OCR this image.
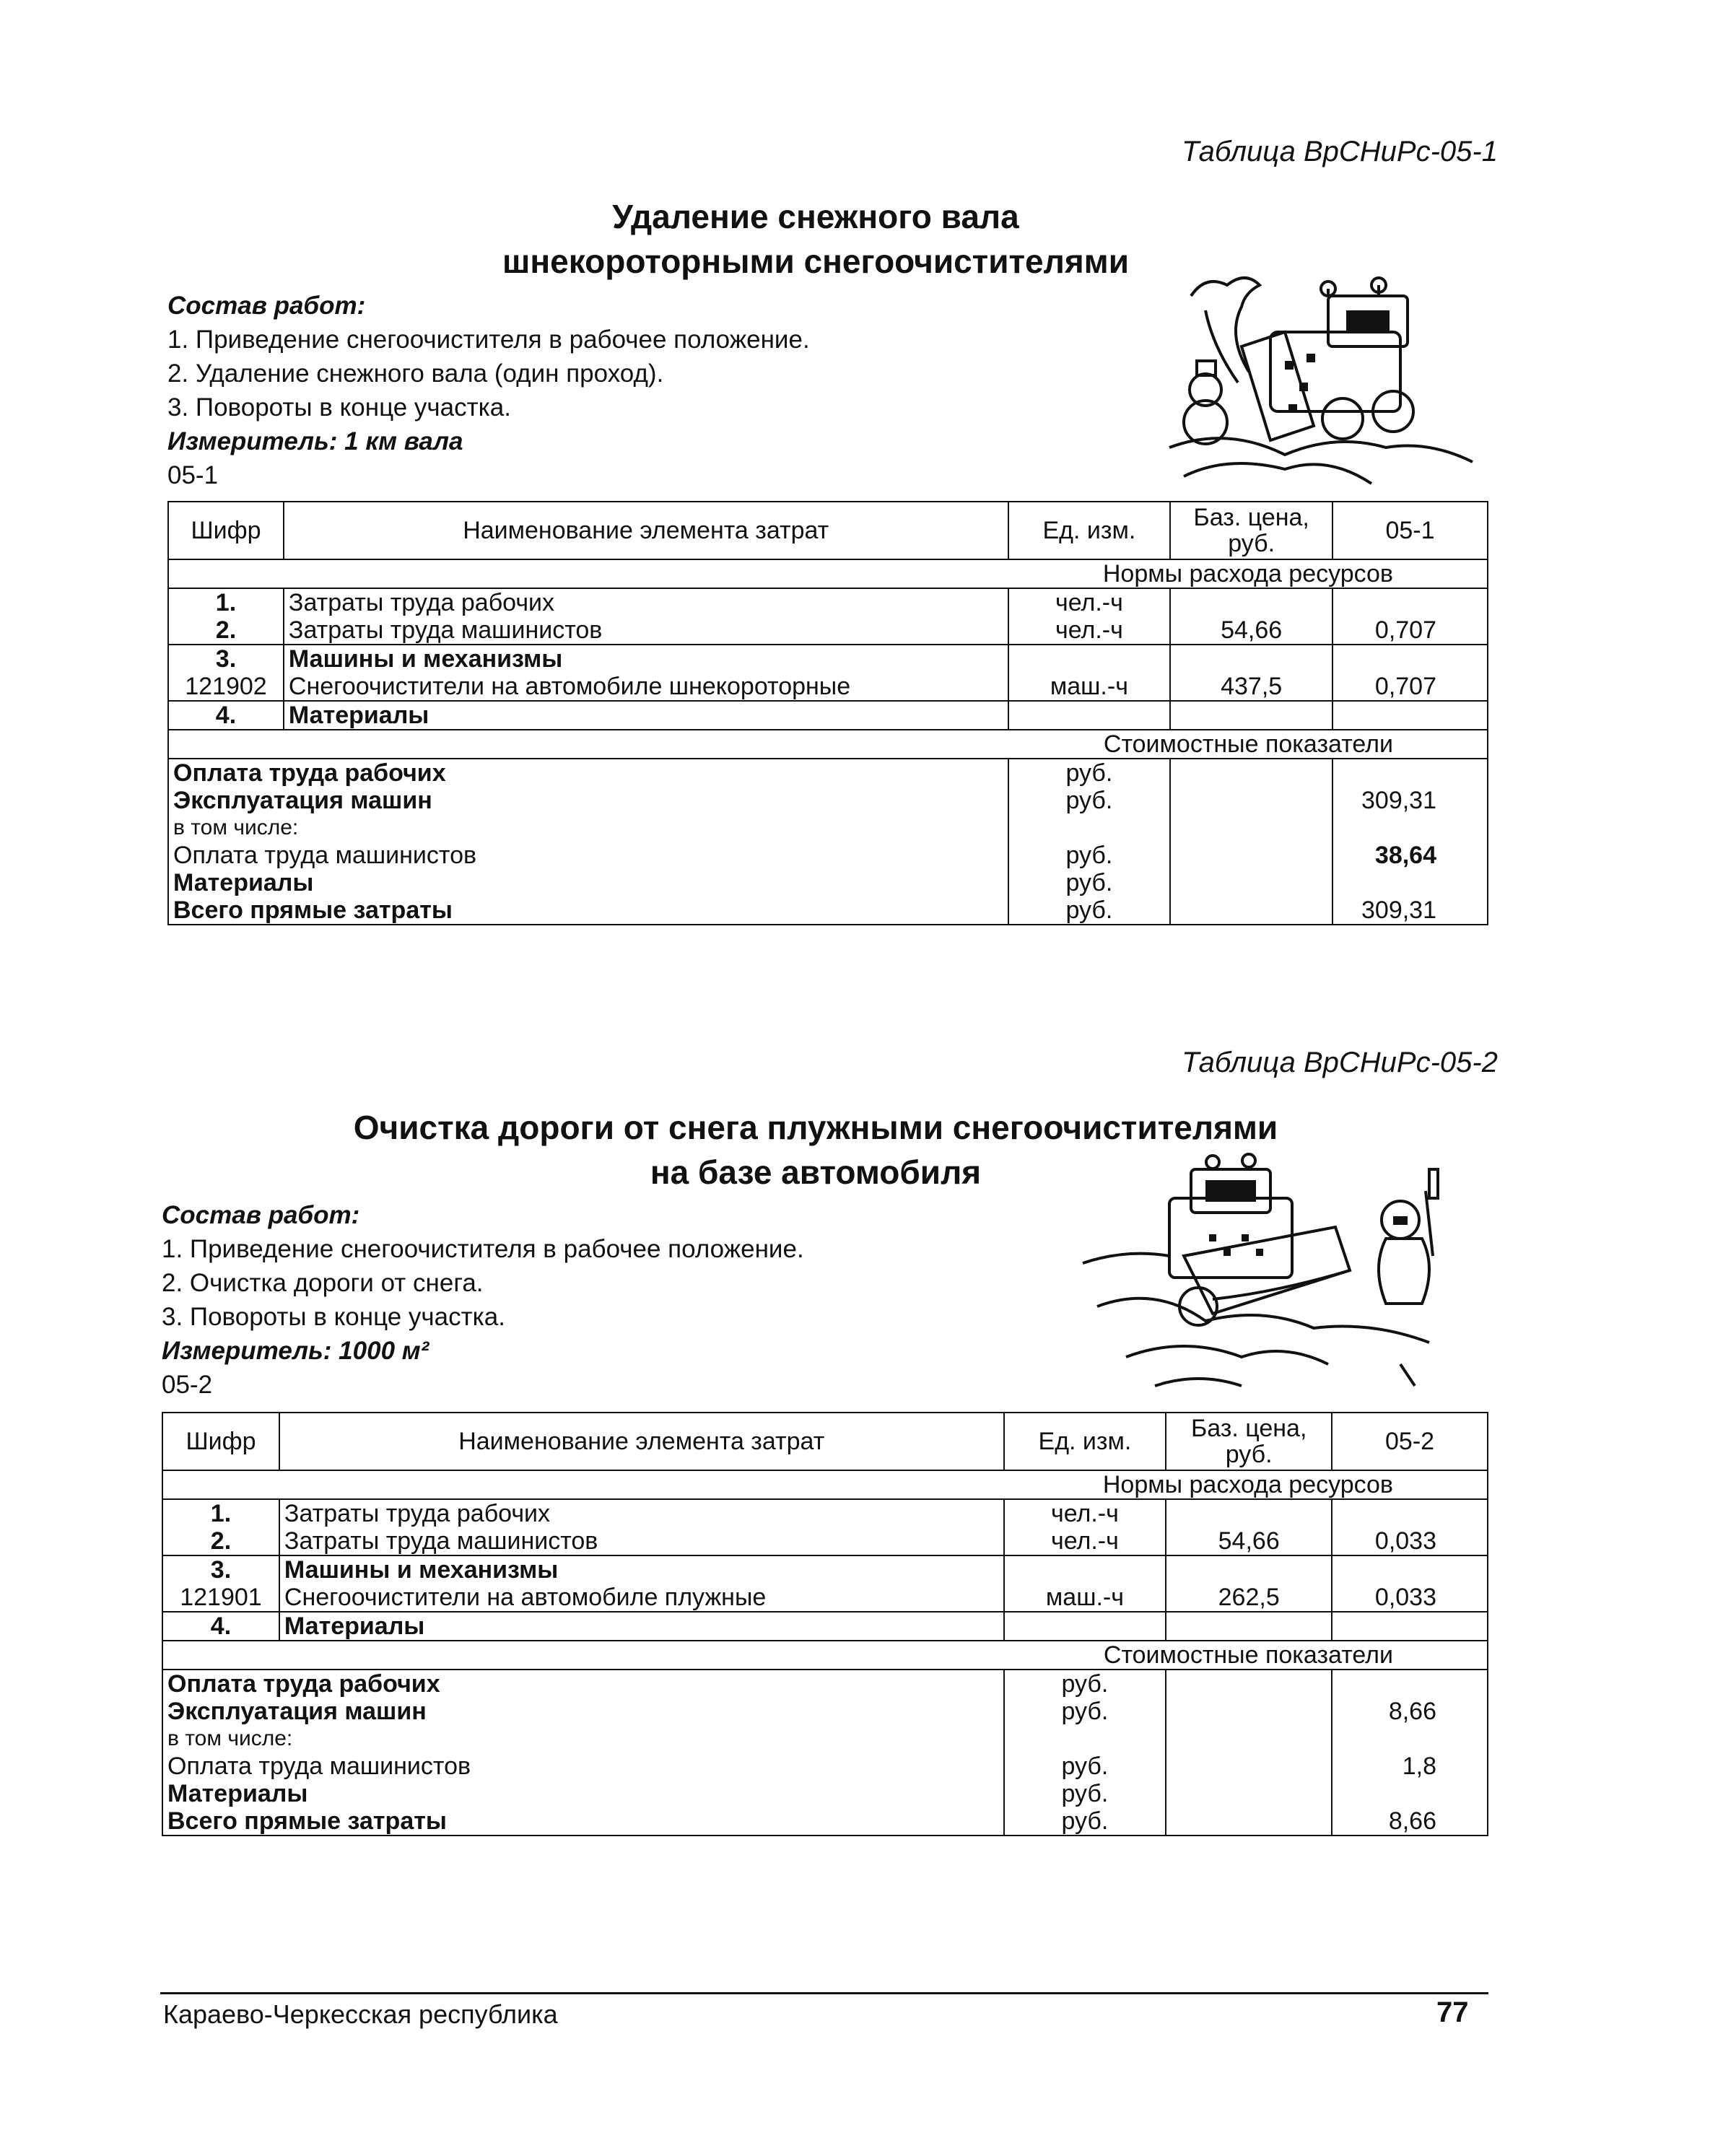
Таблица ВрСНиРс-05-1
Удаление снежного вала
шнекороторными снегоочистителями
Состав работ:
1. Приведение снегоочистителя в рабочее положение.
2. Удаление снежного вала (один проход).
3. Повороты в конце участка.
Измеритель: 1 км вала
05-1
Шифр	Наименование элемента затрат	Ед. изм.	Баз. цена, руб.	05-1
Нормы расхода ресурсов				
1.	Затраты труда рабочих	чел.-ч		
2.	Затраты труда машинистов	чел.-ч	54,66	0,707
3.	Машины и механизмы			
121902	Снегоочистители на автомобиле шнекороторные	маш.-ч	437,5	0,707
4.	Материалы			
Стоимостные показатели				
Оплата труда рабочих		руб.		
Эксплуатация машин		руб.		309,31
в том числе:				
Оплата труда машинистов		руб.		38,64
Материалы		руб.		
Всего прямые затраты		руб.		309,31
Таблица ВрСНиРс-05-2
Очистка дороги от снега плужными снегоочистителями
на базе автомобиля
Состав работ:
1. Приведение снегоочистителя в рабочее положение.
2. Очистка дороги от снега.
3. Повороты в конце участка.
Измеритель: 1000 м²
05-2
Шифр	Наименование элемента затрат	Ед. изм.	Баз. цена, руб.	05-2
Нормы расхода ресурсов				
1.	Затраты труда рабочих	чел.-ч		
2.	Затраты труда машинистов	чел.-ч	54,66	0,033
3.	Машины и механизмы			
121901	Снегоочистители на автомобиле плужные	маш.-ч	262,5	0,033
4.	Материалы			
Стоимостные показатели				
Оплата труда рабочих		руб.		
Эксплуатация машин		руб.		8,66
в том числе:				
Оплата труда машинистов		руб.		1,8
Материалы		руб.		
Всего прямые затраты		руб.		8,66
Караево-Черкесская республика	77
